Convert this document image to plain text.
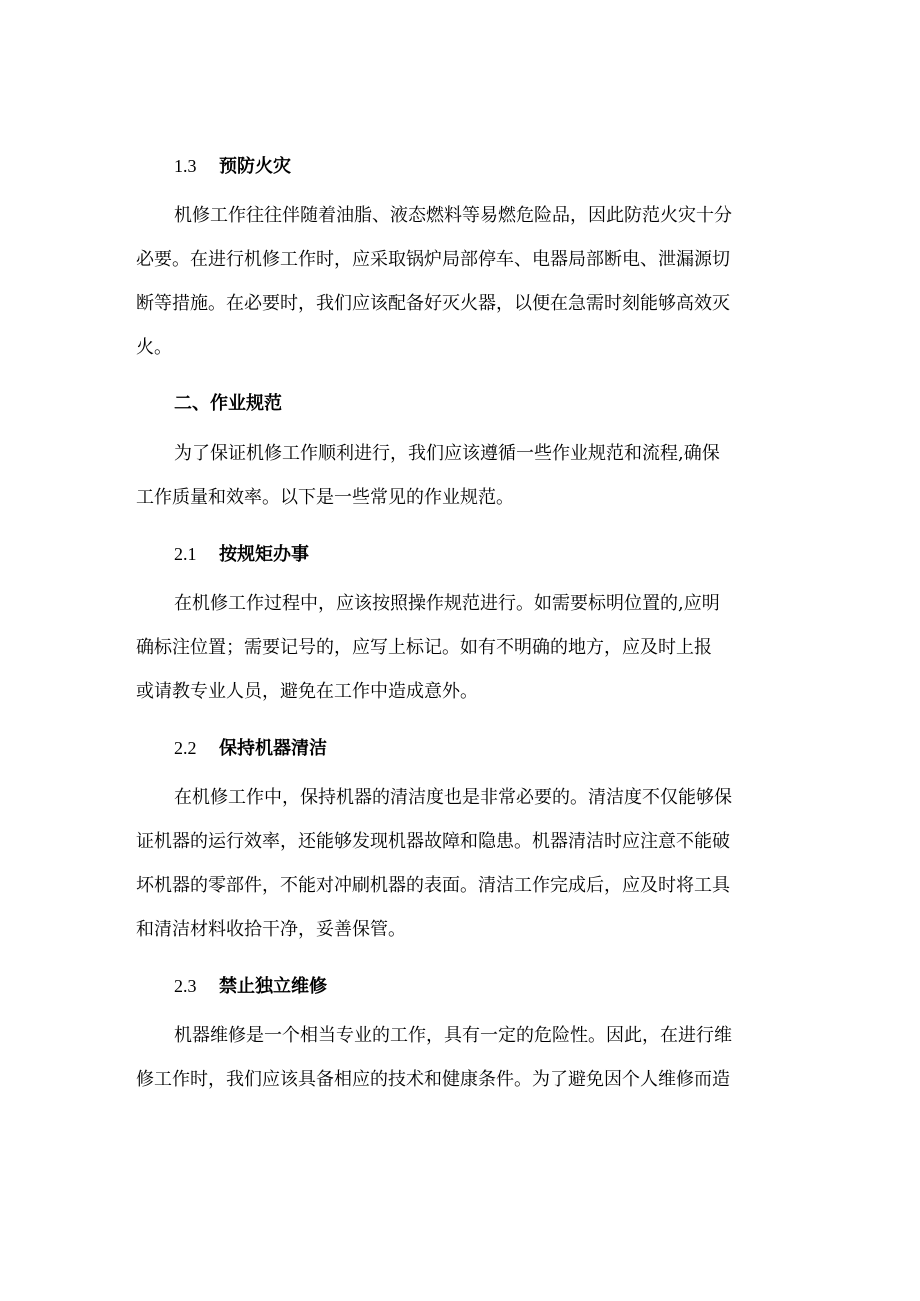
1.3 预防火灾
机修工作往往伴随着油脂、液态燃料等易燃危险品，因此防范火灾十分
必要。在进行机修工作时，应采取锅炉局部停车、电器局部断电、泄漏源切
断等措施。在必要时，我们应该配备好灭火器，以便在急需时刻能够高效灭
火。
二、作业规范
为了保证机修工作顺利进行，我们应该遵循一些作业规范和流程,确保
工作质量和效率。以下是一些常见的作业规范。
2.1 按规矩办事
在机修工作过程中，应该按照操作规范进行。如需要标明位置的,应明
确标注位置；需要记号的，应写上标记。如有不明确的地方，应及时上报
或请教专业人员，避免在工作中造成意外。
2.2 保持机器清洁
在机修工作中，保持机器的清洁度也是非常必要的。清洁度不仅能够保
证机器的运行效率，还能够发现机器故障和隐患。机器清洁时应注意不能破
坏机器的零部件，不能对冲刷机器的表面。清洁工作完成后，应及时将工具
和清洁材料收拾干净，妥善保管。
2.3 禁止独立维修
机器维修是一个相当专业的工作，具有一定的危险性。因此，在进行维
修工作时，我们应该具备相应的技术和健康条件。为了避免因个人维修而造
